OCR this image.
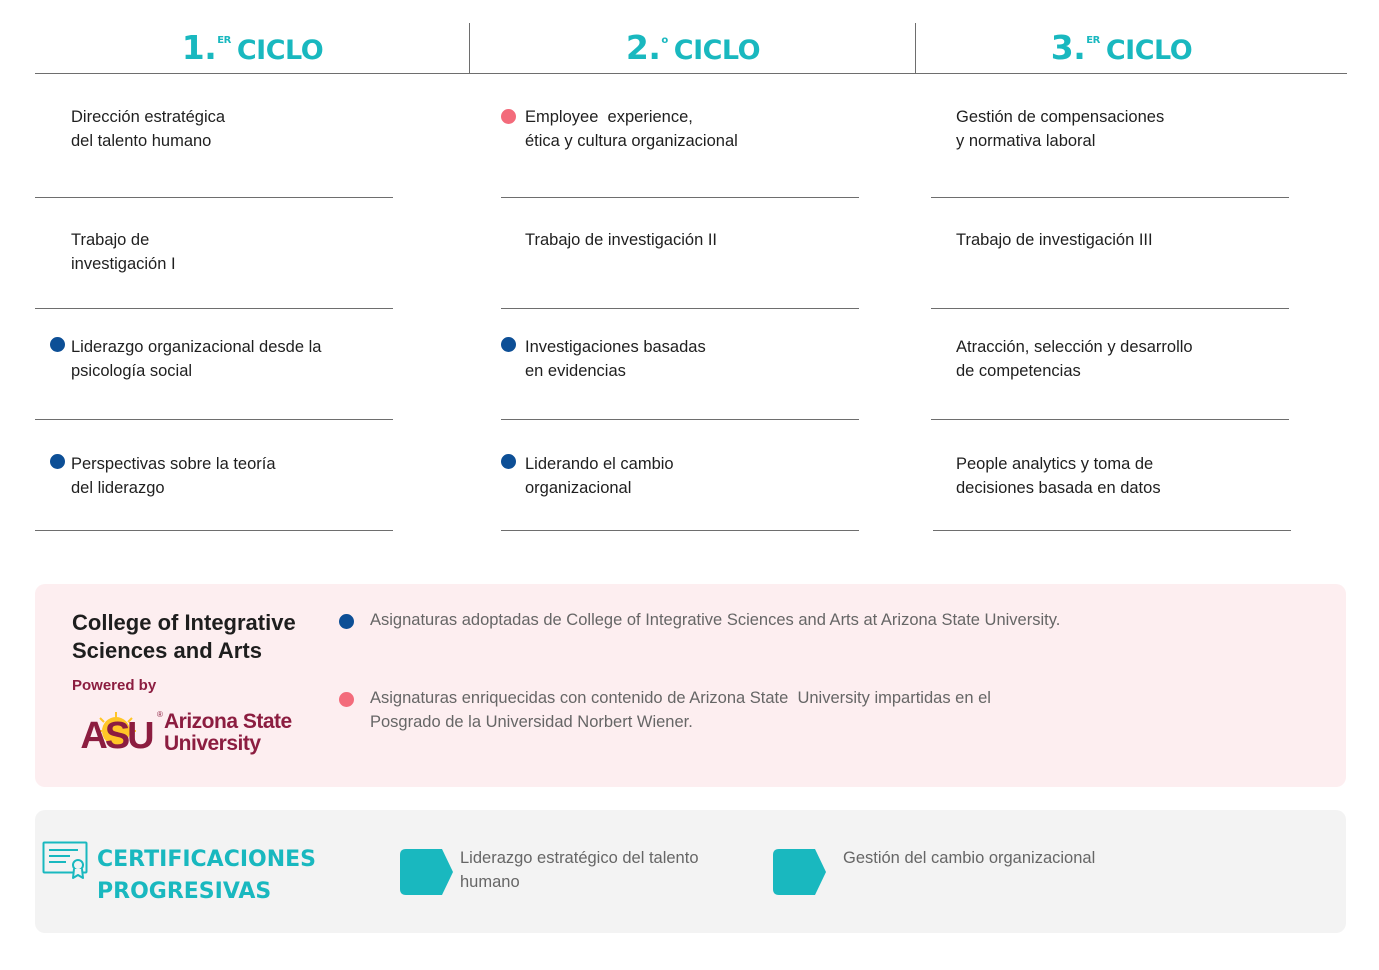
1.$^{ER}$ CICLO	2.$^o$ CICLO	3.$^{ER}$ CICLO
Dirección estratégica
del talento humano
Trabajo de
investigación I
Liderazgo organizacional desde la
psicología social
Perspectivas sobre la teoría
del liderazgo
Employee  experience,
ética y cultura organizacional
Trabajo de investigación II
Investigaciones basadas
en evidencias
Liderando el cambio
organizacional
Gestión de compensaciones
y normativa laboral
Trabajo de investigación III
Atracción, selección y desarrollo
de competencias
People analytics y toma de
decisiones basada en datos
College of Integrative
Sciences and Arts
Powered by
ASU
® Arizona State
University
Asignaturas adoptadas de College of Integrative Sciences and Arts at Arizona State University.
Asignaturas enriquecidas con contenido de Arizona State  University impartidas en el
Posgrado de la Universidad Norbert Wiener.
CERTIFICACIONES
PROGRESIVAS
Liderazgo estratégico del talento
humano
Gestión del cambio organizacional
